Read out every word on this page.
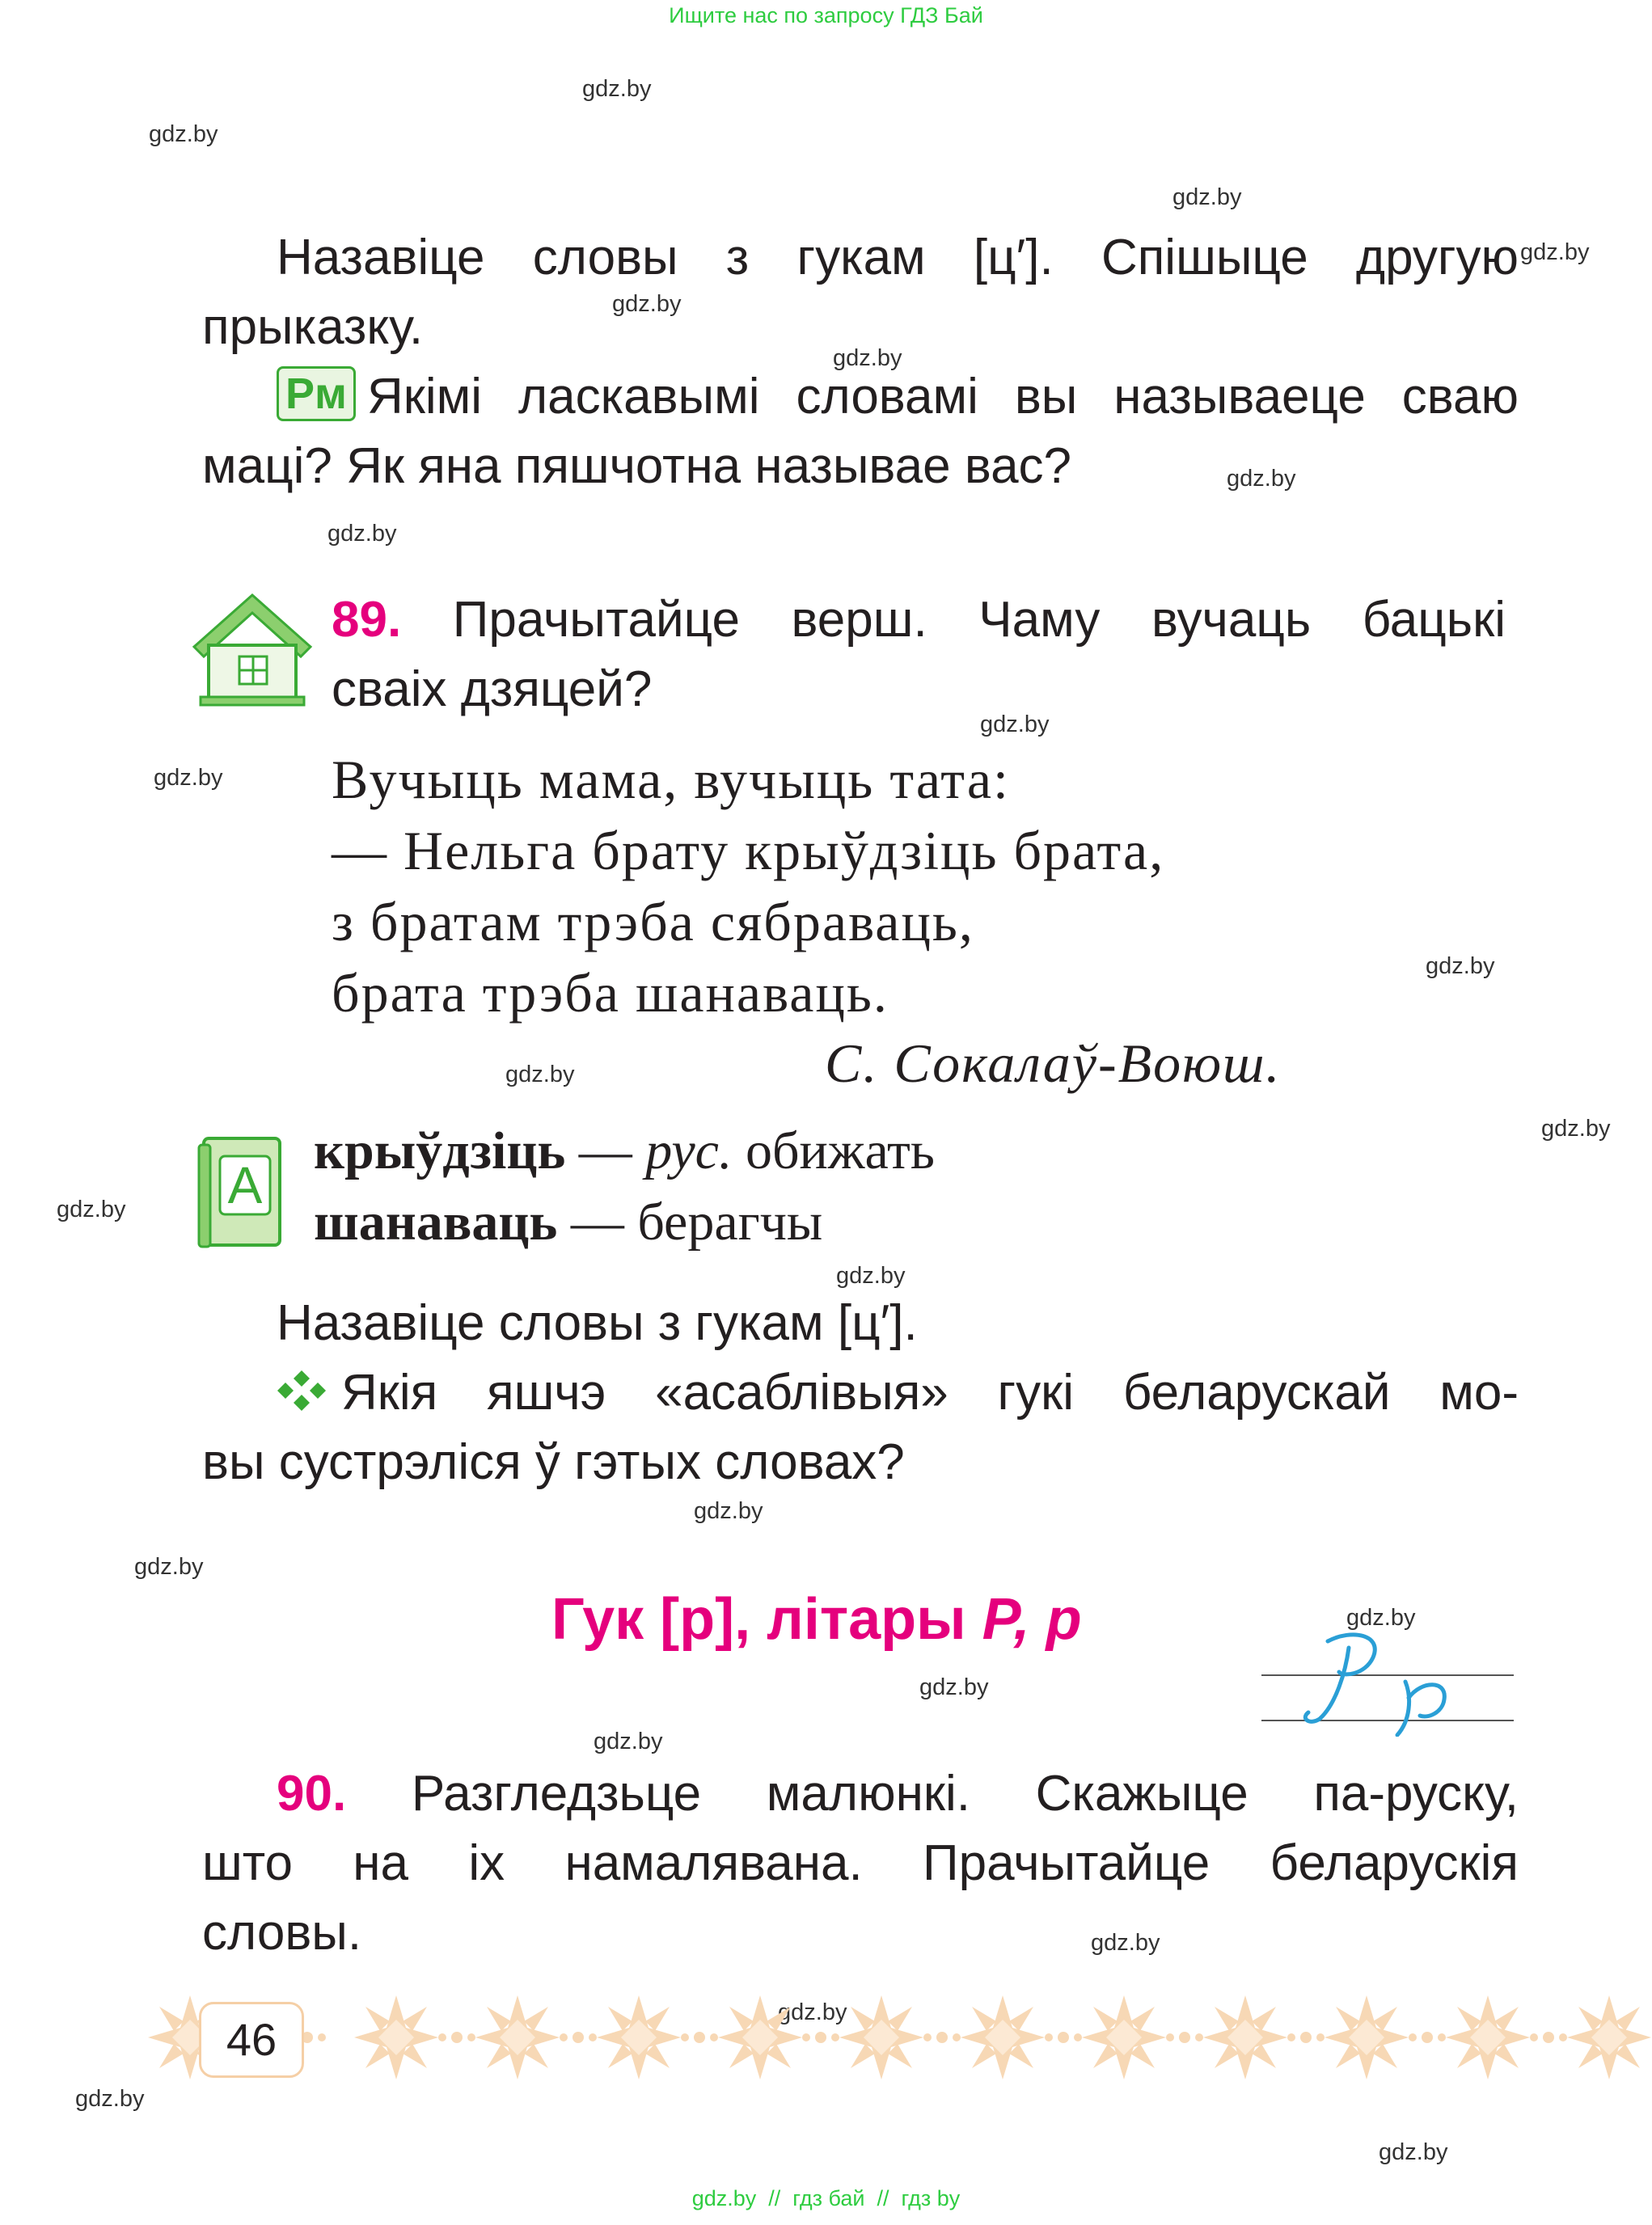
Ищите нас по запросу ГДЗ Бай
gdz.by
gdz.by
gdz.by
gdz.by
gdz.by
gdz.by
gdz.by
gdz.by
gdz.by
gdz.by
gdz.by
gdz.by
gdz.by
gdz.by
gdz.by
gdz.by
gdz.by
gdz.by
gdz.by
gdz.by
gdz.by
gdz.by
gdz.by
gdz.by
Назавіце словы з гукам [ц′]. Спішыце другую
прыказку.
Рм Якімі ласкавымі словамі вы называеце сваю
маці? Як яна пяшчотна называе вас?
89. Прачытайце верш. Чаму вучаць бацькі
сваіх дзяцей?
Вучыць мама, вучыць тата:
— Нельга брату крыўдзіць брата,
з братам трэба сябраваць,
брата трэба шанаваць.
С. Сокалаў-Воюш.
А
крыўдзіць — рус. обижать
шанаваць — берагчы
Назавіце словы з гукам [ц′].
Якія яшчэ «асаблівыя» гукі беларускай мо-
вы сустрэліся ў гэтых словах?
Гук [р], літары Р, р
90. Разгледзьце малюнкі. Скажыце па-руску,
што на іх намалявана. Прачытайце беларускія
словы.
46
gdz.by  //  гдз бай  //  гдз by
